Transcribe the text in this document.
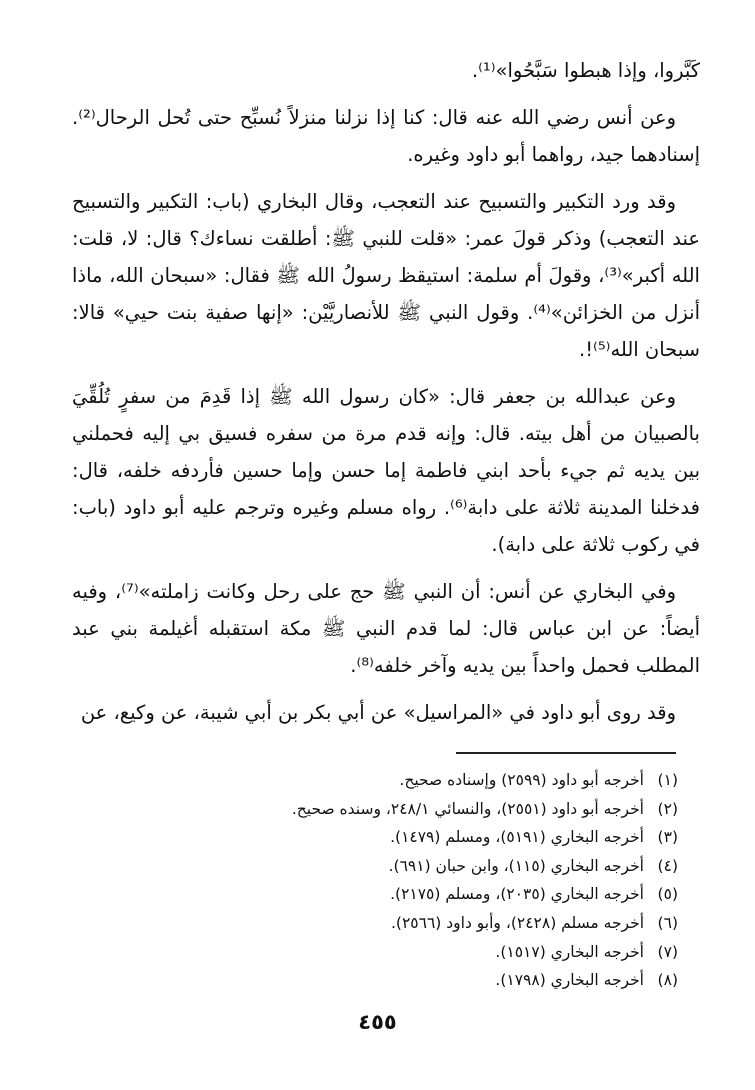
كَبَّروا، وإذا هبطوا سَبَّحُوا»⁽¹⁾.

وعن أنس رضي الله عنه قال: كنا إذا نزلنا منزلاً نُسبِّح حتى تُحل الرحال⁽²⁾. إسنادهما جيد، رواهما أبو داود وغيره.

وقد ورد التكبير والتسبيح عند التعجب، وقال البخاري (باب: التكبير والتسبيح عند التعجب) وذكر قولَ عمر: «قلت للنبي ﷺ: أطلقت نساءك؟ قال: لا، قلت: الله أكبر»⁽³⁾، وقولَ أم سلمة: استيقظ رسولُ الله ﷺ فقال: «سبحان الله، ماذا أنزل من الخزائن»⁽⁴⁾. وقول النبي ﷺ للأنصاريَّيْن: «إنها صفية بنت حيي» قالا: سبحان الله⁽⁵⁾!.

وعن عبدالله بن جعفر قال: «كان رسول الله ﷺ إذا قَدِمَ من سفرٍ تُلُقِّيَ بالصبيان من أهل بيته. قال: وإنه قدم مرة من سفره فسيق بي إليه فحملني بين يديه ثم جيء بأحد ابني فاطمة إما حسن وإما حسين فأردفه خلفه، قال: فدخلنا المدينة ثلاثة على دابة⁽⁶⁾. رواه مسلم وغيره وترجم عليه أبو داود (باب: في ركوب ثلاثة على دابة).

وفي البخاري عن أنس: أن النبي ﷺ حج على رحل وكانت زاملته»⁽⁷⁾، وفيه أيضاً: عن ابن عباس قال: لما قدم النبي ﷺ مكة استقبله أغيلمة بني عبد المطلب فحمل واحداً بين يديه وآخر خلفه⁽⁸⁾.

وقد روى أبو داود في «المراسيل» عن أبي بكر بن أبي شيبة، عن وكيع، عن

(١)أخرجه أبو داود (٢٥٩٩) وإسناده صحيح.
(٢)أخرجه أبو داود (٢٥٥١)، والنسائي ٢٤٨/١، وسنده صحيح.
(٣)أخرجه البخاري (٥١٩١)، ومسلم (١٤٧٩).
(٤)أخرجه البخاري (١١٥)، وابن حبان (٦٩١).
(٥)أخرجه البخاري (٢٠٣٥)، ومسلم (٢١٧٥).
(٦)أخرجه مسلم (٢٤٢٨)، وأبو داود (٢٥٦٦).
(٧)أخرجه البخاري (١٥١٧).
(٨)أخرجه البخاري (١٧٩٨).
٤٥٥
